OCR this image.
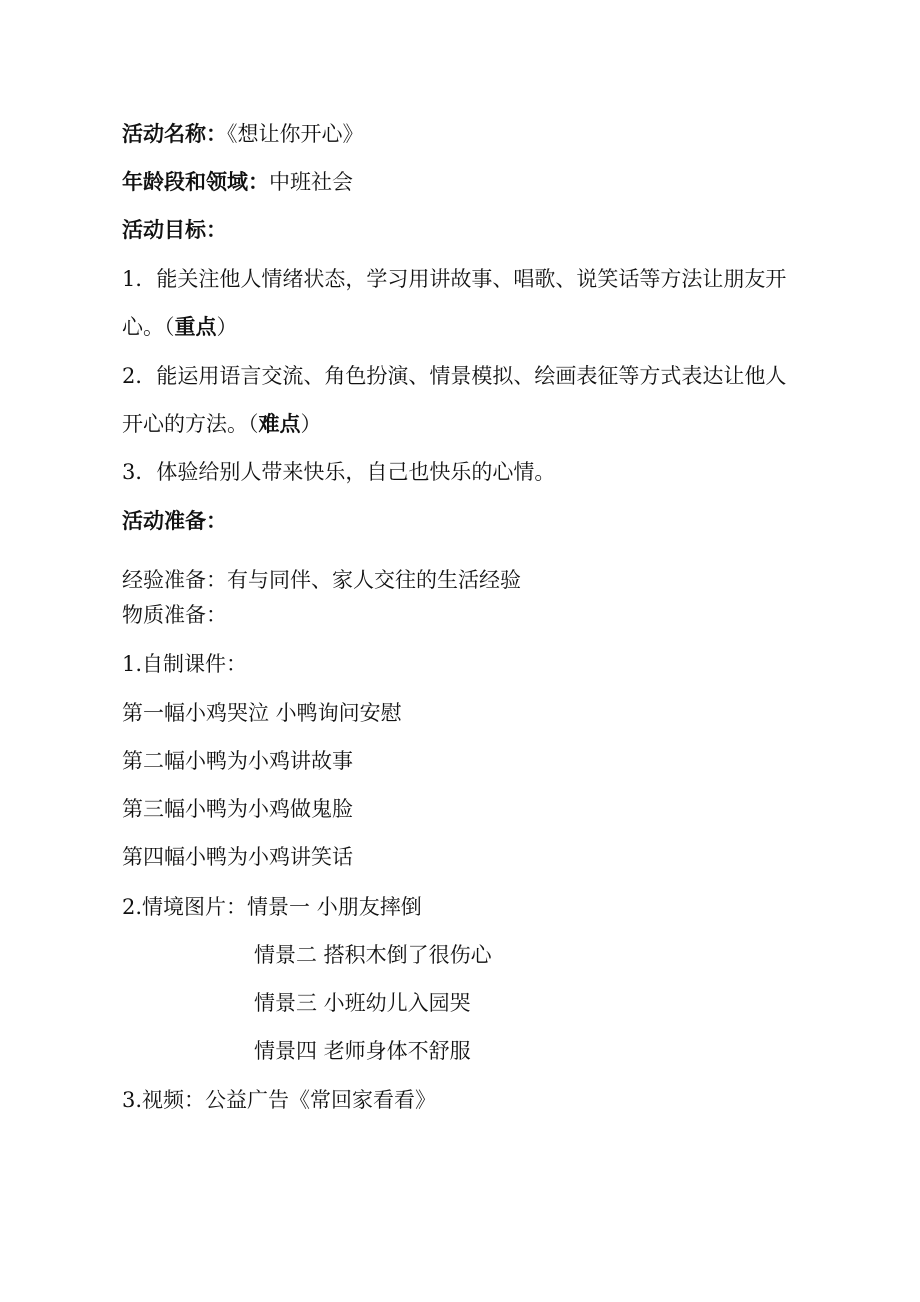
活动名称：《想让你开心》
年龄段和领域：中班社会
活动目标：
1．能关注他人情绪状态，学习用讲故事、唱歌、说笑话等方法让朋友开
心。（重点）
2．能运用语言交流、角色扮演、情景模拟、绘画表征等方式表达让他人
开心的方法。（难点）
3．体验给别人带来快乐，自己也快乐的心情。
活动准备：
经验准备：有与同伴、家人交往的生活经验
物质准备：
1.自制课件：
第一幅小鸡哭泣 小鸭询问安慰
第二幅小鸭为小鸡讲故事
第三幅小鸭为小鸡做鬼脸
第四幅小鸭为小鸡讲笑话
2.情境图片：情景一 小朋友摔倒
情景二 搭积木倒了很伤心
情景三 小班幼儿入园哭
情景四 老师身体不舒服
3.视频：公益广告《常回家看看》
